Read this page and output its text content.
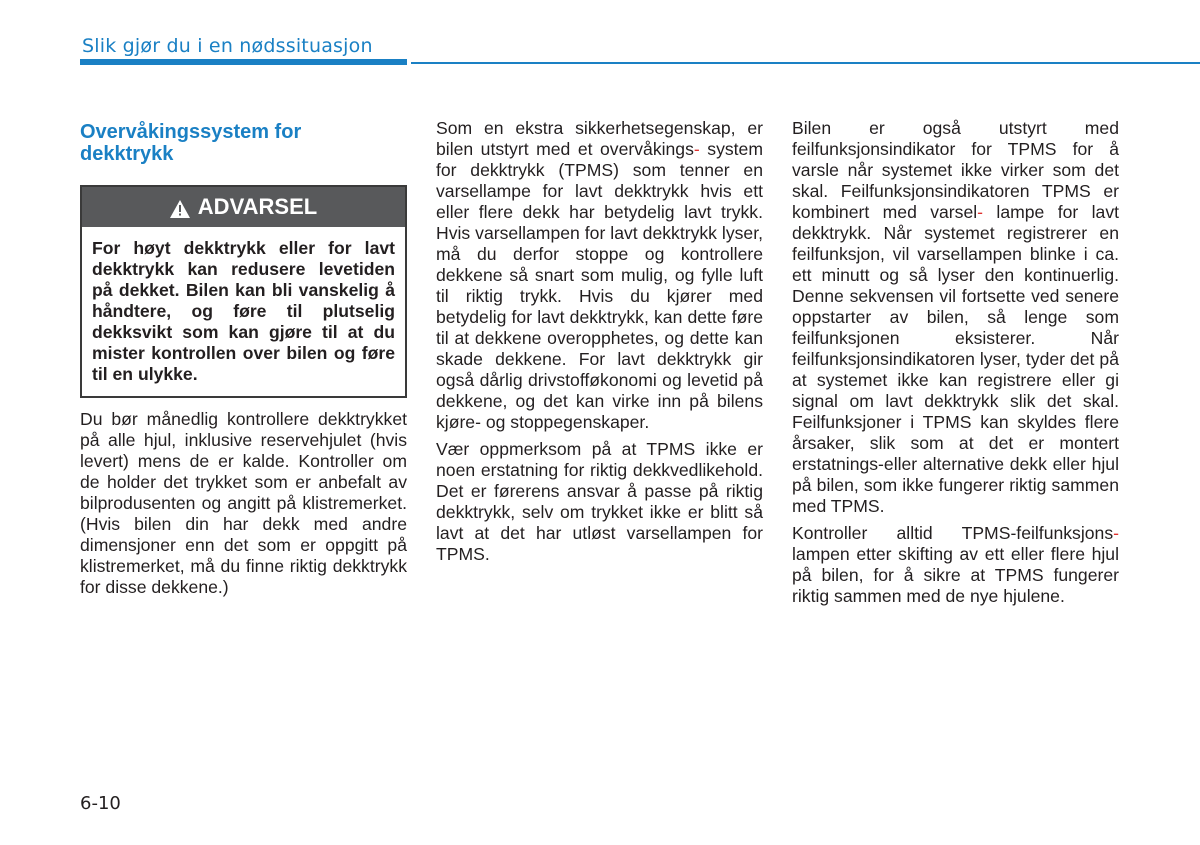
Slik gjør du i en nødssituasjon
Overvåkingssystem for
dekktrykk
ADVARSEL
For høyt dekktrykk eller for lavt dekktrykk kan redusere levetiden på dekket. Bilen kan bli vanskelig å håndtere, og føre til plutselig dekksvikt som kan gjøre til at du mister kontrollen over bilen og føre til en ulykke.

Du bør månedlig kontrollere dekktrykket på alle hjul, inklusive reservehjulet (hvis levert) mens de er kalde. Kontroller om de holder det trykket som er anbefalt av bilprodusenten og angitt på klistremerket. (Hvis bilen din har dekk med andre dimensjoner enn det som er oppgitt på klistremerket, må du finne riktig dekktrykk for disse dekkene.)

Som en ekstra sikkerhetsegenskap, er bilen utstyrt med et overvåkings- system for dekktrykk (TPMS) som tenner en varsellampe for lavt dekktrykk hvis ett eller flere dekk har betydelig lavt trykk. Hvis varsellampen for lavt dekktrykk lyser, må du derfor stoppe og kontrollere dekkene så snart som mulig, og fylle luft til riktig trykk. Hvis du kjører med betydelig for lavt dekktrykk, kan dette føre til at dekkene overopphetes, og dette kan skade dekkene. For lavt dekktrykk gir også dårlig drivstofføkonomi og levetid på dekkene, og det kan virke inn på bilens kjøre- og stoppegenskaper.

Vær oppmerksom på at TPMS ikke er noen erstatning for riktig dekkvedlikehold. Det er førerens ansvar å passe på riktig dekktrykk, selv om trykket ikke er blitt så lavt at det har utløst varsellampen for TPMS.

Bilen er også utstyrt med feilfunksjonsindikator for TPMS for å varsle når systemet ikke virker som det skal. Feilfunksjonsindikatoren TPMS er kombinert med varsel- lampe for lavt dekktrykk. Når systemet registrerer en feilfunksjon, vil varsellampen blinke i ca. ett minutt og så lyser den kontinuerlig. Denne sekvensen vil fortsette ved senere oppstarter av bilen, så lenge som feilfunksjonen eksisterer. Når feilfunksjonsindikatoren lyser, tyder det på at systemet ikke kan registrere eller gi signal om lavt dekktrykk slik det skal. Feilfunksjoner i TPMS kan skyldes flere årsaker, slik som at det er montert erstatnings-eller alternative dekk eller hjul på bilen, som ikke fungerer riktig sammen med TPMS.

Kontroller alltid TPMS-feilfunksjons- lampen etter skifting av ett eller flere hjul på bilen, for å sikre at TPMS fungerer riktig sammen med de nye hjulene.

6-10
